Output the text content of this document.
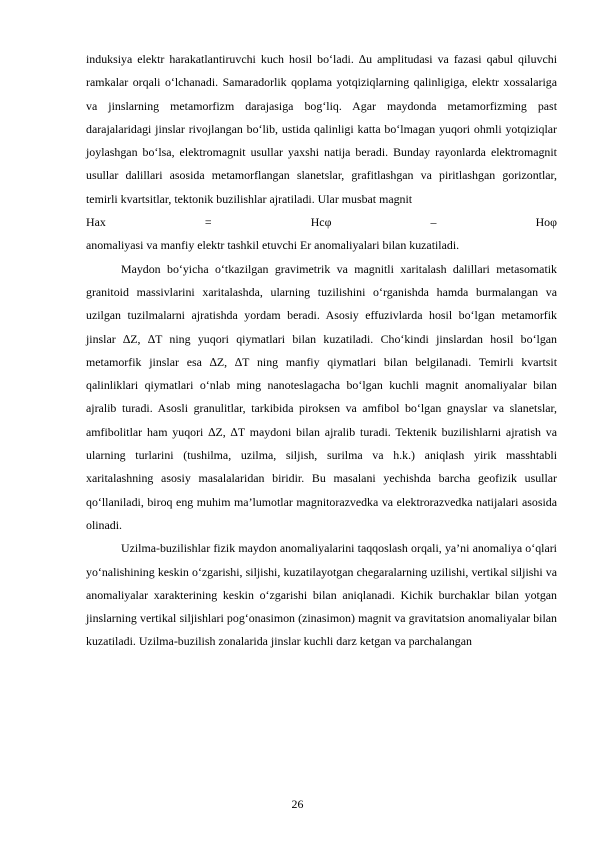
induksiya elektr harakatlantiruvchi kuch hosil bo‘ladi. ∆u amplitudasi va fazasi qabul qiluvchi ramkalar orqali o‘lchanadi. Samaradorlik qoplama yotqiziqlarning qalinligiga, elektr xossalariga va jinslarning metamorfizm darajasiga bog‘liq. Agar maydonda metamorfizming past darajalaridagi jinslar rivojlangan bo‘lib, ustida qalinligi katta bo‘lmagan yuqori ohmli yotqiziqlar joylashgan bo‘lsa, elektromagnit usullar yaxshi natija beradi. Bunday rayonlarda elektromagnit usullar dalillari asosida metamorflangan slanetslar, grafitlashgan va piritlashgan gorizontlar, temirli kvartsitlar, tektonik buzilishlar ajratiladi. Ular musbat magnit

Hax	=	Hcφ	–	Hoφ

anomaliyasi va manfiy elektr tashkil etuvchi Er anomaliyalari bilan kuzatiladi.

Maydon bo‘yicha o‘tkazilgan gravimetrik va magnitli xaritalash dalillari metasomatik granitoid massivlarini xaritalashda, ularning tuzilishini o‘rganishda hamda burmalangan va uzilgan tuzilmalarni ajratishda yordam beradi. Asosiy effuzivlarda hosil bo‘lgan metamorfik jinslar ∆Z, ∆T ning yuqori qiymatlari bilan kuzatiladi. Cho‘kindi jinslardan hosil bo‘lgan metamorfik jinslar esa ∆Z, ∆T ning manfiy qiymatlari bilan belgilanadi. Temirli kvartsit qalinliklari qiymatlari o‘nlab ming nanoteslagacha bo‘lgan kuchli magnit anomaliyalar bilan ajralib turadi. Asosli granulitlar, tarkibida piroksen va amfibol bo‘lgan gnayslar va slanetslar, amfibolitlar ham yuqori ∆Z, ∆T maydoni bilan ajralib turadi. Tektenik buzilishlarni ajratish va ularning turlarini (tushilma, uzilma, siljish, surilma va h.k.) aniqlash yirik masshtabli xaritalashning asosiy masalalaridan biridir. Bu masalani yechishda barcha geofizik usullar qo‘llaniladi, biroq eng muhim ma’lumotlar magnitorazvedka va elektrorazvedka natijalari asosida olinadi.

Uzilma-buzilishlar fizik maydon anomaliyalarini taqqoslash orqali, ya’ni anomaliya o‘qlari yo‘nalishining keskin o‘zgarishi, siljishi, kuzatilayotgan chegaralarning uzilishi, vertikal siljishi va anomaliyalar xarakterining keskin o‘zgarishi bilan aniqlanadi. Kichik burchaklar bilan yotgan jinslarning vertikal siljishlari pog‘onasimon (zinasimon) magnit va gravitatsion anomaliyalar bilan kuzatiladi. Uzilma-buzilish zonalarida jinslar kuchli darz ketgan va parchalangan

26
